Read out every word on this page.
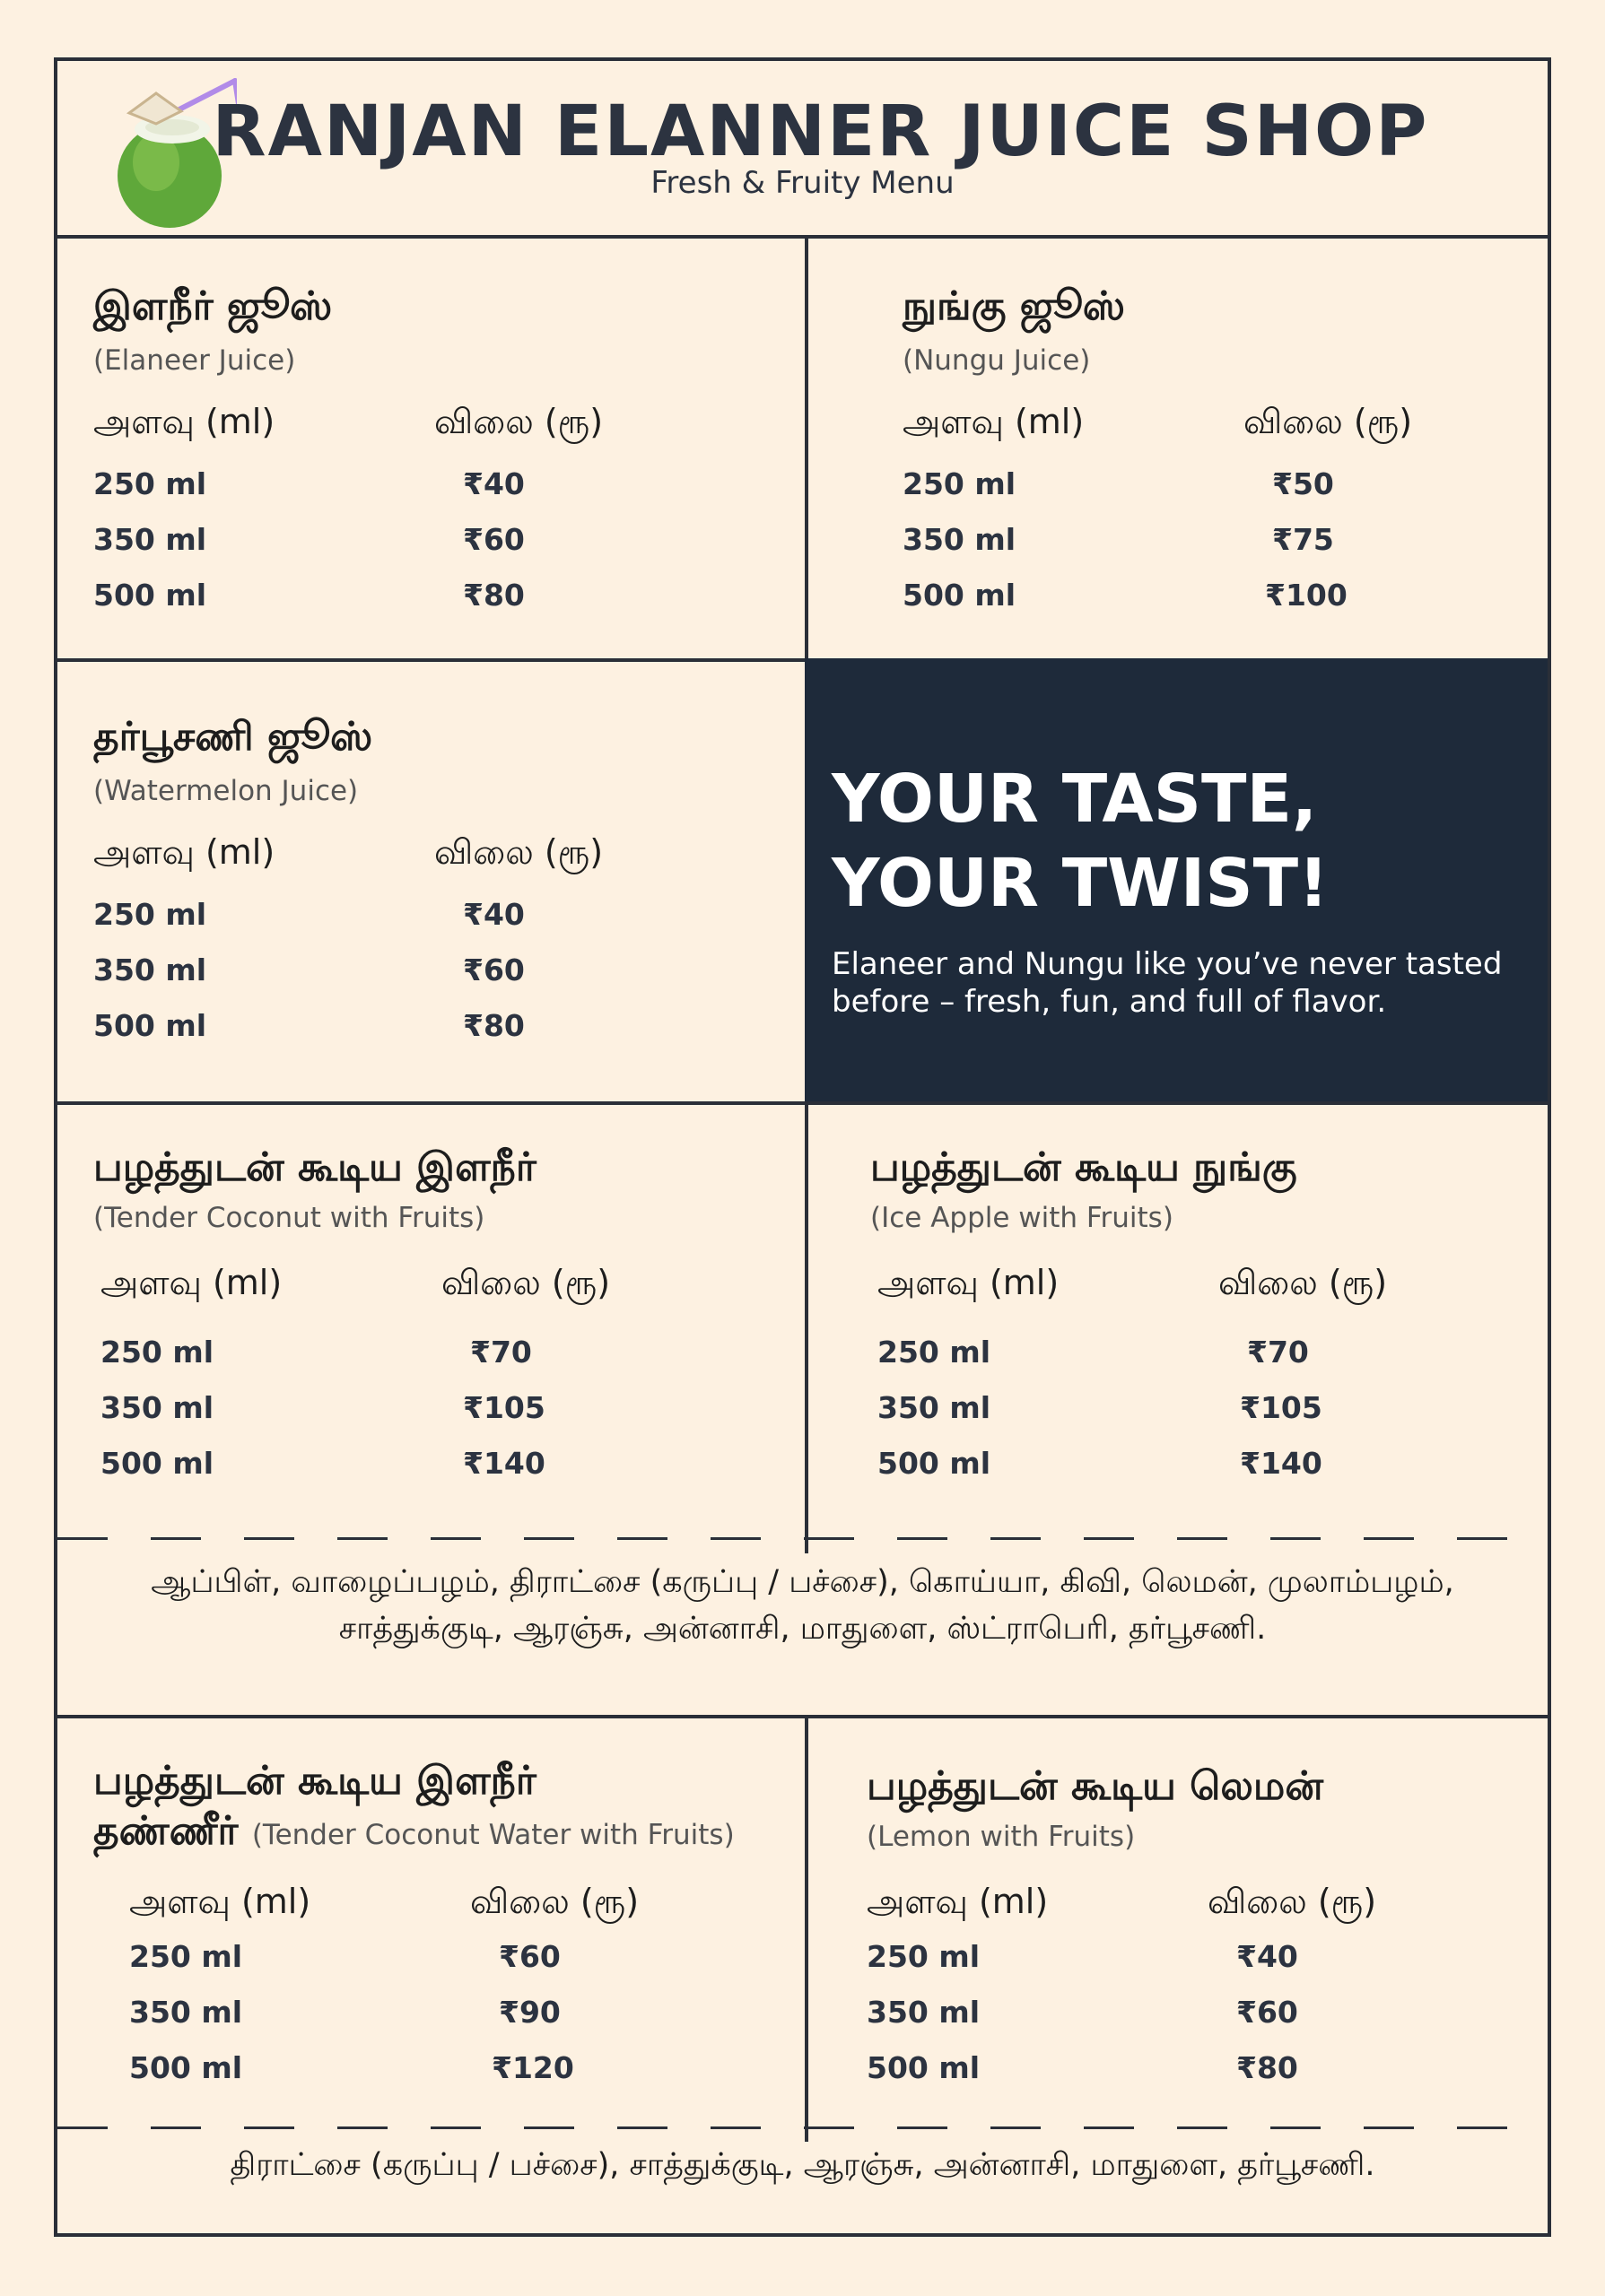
RANJAN ELANNER JUICE SHOP
Fresh & Fruity Menu
இளநீர் ஜூஸ்
(Elaneer Juice)
அளவு (ml)	விலை (ரூ)
250 ml	₹40
350 ml	₹60
500 ml	₹80
நுங்கு ஜூஸ்
(Nungu Juice)
அளவு (ml)	விலை (ரூ)
250 ml	₹50
350 ml	₹75
500 ml	₹100
தர்பூசணி ஜூஸ்
(Watermelon Juice)
அளவு (ml)	விலை (ரூ)
250 ml	₹40
350 ml	₹60
500 ml	₹80
YOUR TASTE,
YOUR TWIST!
Elaneer and Nungu like you’ve never tasted before – fresh, fun, and full of flavor.
பழத்துடன் கூடிய இளநீர்
(Tender Coconut with Fruits)
அளவு (ml)	விலை (ரூ)
250 ml	₹70
350 ml	₹105
500 ml	₹140
பழத்துடன் கூடிய நுங்கு
(Ice Apple with Fruits)
அளவு (ml)	விலை (ரூ)
250 ml	₹70
350 ml	₹105
500 ml	₹140
ஆப்பிள், வாழைப்பழம், திராட்சை (கருப்பு / பச்சை), கொய்யா, கிவி, லெமன், முலாம்பழம், சாத்துக்குடி, ஆரஞ்சு, அன்னாசி, மாதுளை, ஸ்ட்ராபெரி, தர்பூசணி.
பழத்துடன் கூடிய இளநீர்
தண்ணீர் (Tender Coconut Water with Fruits)
அளவு (ml)	விலை (ரூ)
250 ml	₹60
350 ml	₹90
500 ml	₹120
பழத்துடன் கூடிய லெமன்
(Lemon with Fruits)
அளவு (ml)	விலை (ரூ)
250 ml	₹40
350 ml	₹60
500 ml	₹80
திராட்சை (கருப்பு / பச்சை), சாத்துக்குடி, ஆரஞ்சு, அன்னாசி, மாதுளை, தர்பூசணி.
